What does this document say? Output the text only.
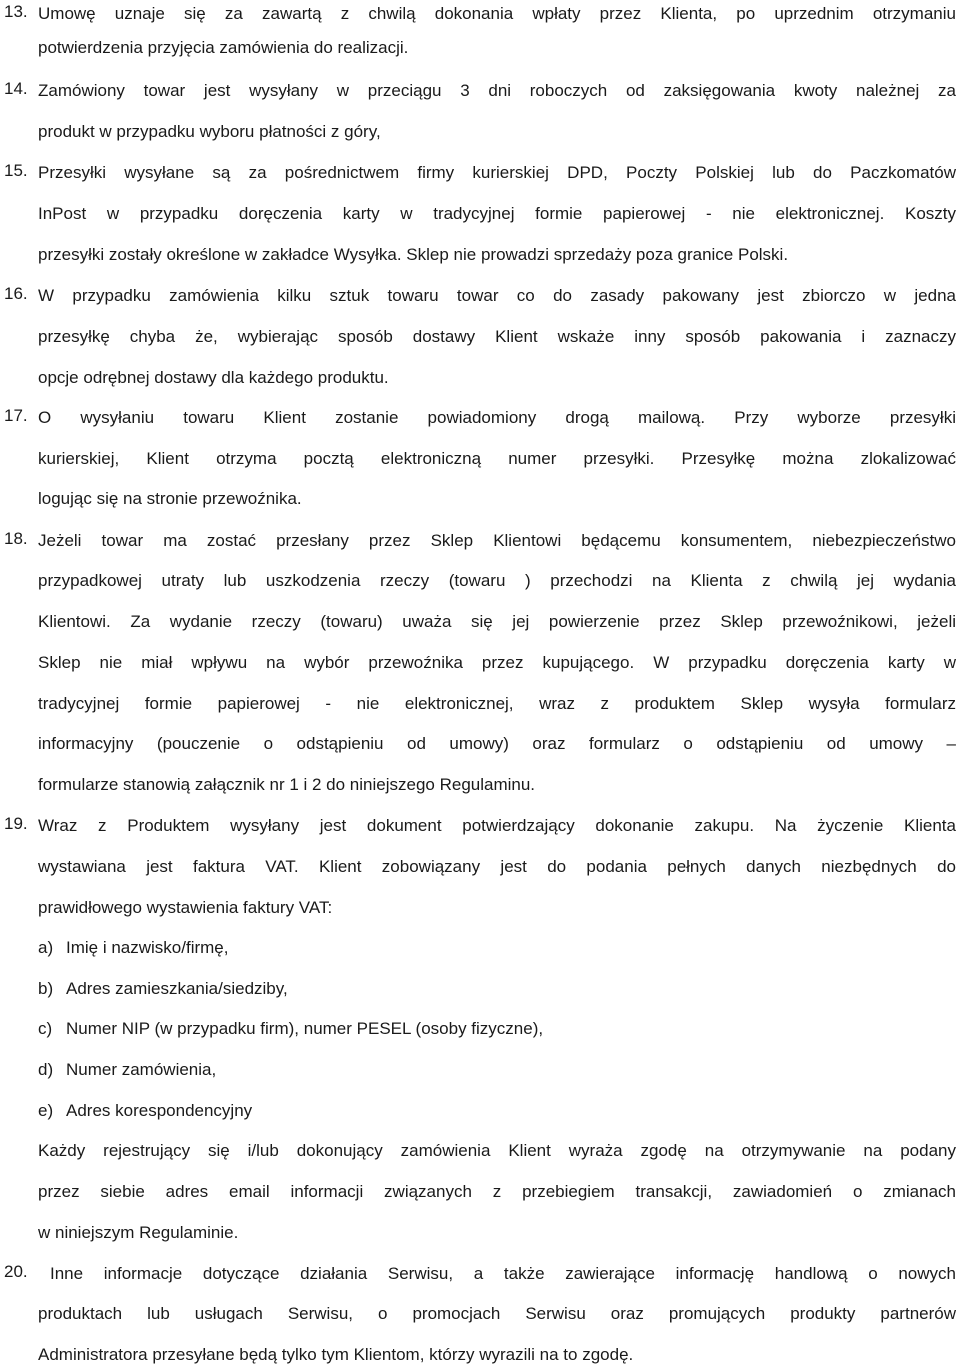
13. Umowę uznaje się za zawartą z chwilą dokonania wpłaty przez Klienta, po uprzednim otrzymaniu
potwierdzenia przyjęcia zamówienia do realizacji.
14. Zamówiony towar jest wysyłany w przeciągu 3 dni roboczych od zaksięgowania kwoty należnej za
produkt w przypadku wyboru płatności z góry,
15. Przesyłki wysyłane są za pośrednictwem firmy kurierskiej DPD, Poczty Polskiej lub do Paczkomatów
InPost w przypadku doręczenia karty w tradycyjnej formie papierowej - nie elektronicznej. Koszty
przesyłki zostały określone w zakładce Wysyłka. Sklep nie prowadzi sprzedaży poza granice Polski.
16. W przypadku zamówienia kilku sztuk towaru towar co do zasady pakowany jest zbiorczo w jedna
przesyłkę chyba że, wybierając sposób dostawy Klient wskaże inny sposób pakowania i zaznaczy
opcje odrębnej dostawy dla każdego produktu.
17. O wysyłaniu towaru Klient zostanie powiadomiony drogą mailową. Przy wyborze przesyłki
kurierskiej, Klient otrzyma pocztą elektroniczną numer przesyłki. Przesyłkę można zlokalizować
logując się na stronie przewoźnika.
18. Jeżeli towar ma zostać przesłany przez Sklep Klientowi będącemu konsumentem, niebezpieczeństwo
przypadkowej utraty lub uszkodzenia rzeczy (towaru ) przechodzi na Klienta z chwilą jej wydania
Klientowi. Za wydanie rzeczy (towaru) uważa się jej powierzenie przez Sklep przewoźnikowi, jeżeli
Sklep nie miał wpływu na wybór przewoźnika przez kupującego. W przypadku doręczenia karty w
tradycyjnej formie papierowej - nie elektronicznej, wraz z produktem Sklep wysyła formularz
informacyjny (pouczenie o odstąpieniu od umowy) oraz formularz o odstąpieniu od umowy –
formularze stanowią załącznik nr 1 i 2 do niniejszego Regulaminu.
19. Wraz z Produktem wysyłany jest dokument potwierdzający dokonanie zakupu. Na życzenie Klienta
wystawiana jest faktura VAT. Klient zobowiązany jest do podania pełnych danych niezbędnych do
prawidłowego wystawienia faktury VAT:
a) Imię i nazwisko/firmę,
b) Adres zamieszkania/siedziby,
c) Numer NIP (w przypadku firm), numer PESEL (osoby fizyczne),
d) Numer zamówienia,
e) Adres korespondencyjny
Każdy rejestrujący się i/lub dokonujący zamówienia Klient wyraża zgodę na otrzymywanie na podany
przez siebie adres email informacji związanych z przebiegiem transakcji, zawiadomień o zmianach
w niniejszym Regulaminie.
20. Inne informacje dotyczące działania Serwisu, a także zawierające informację handlową o nowych
produktach lub usługach Serwisu, o promocjach Serwisu oraz promujących produkty partnerów
Administratora przesyłane będą tylko tym Klientom, którzy wyrazili na to zgodę.
